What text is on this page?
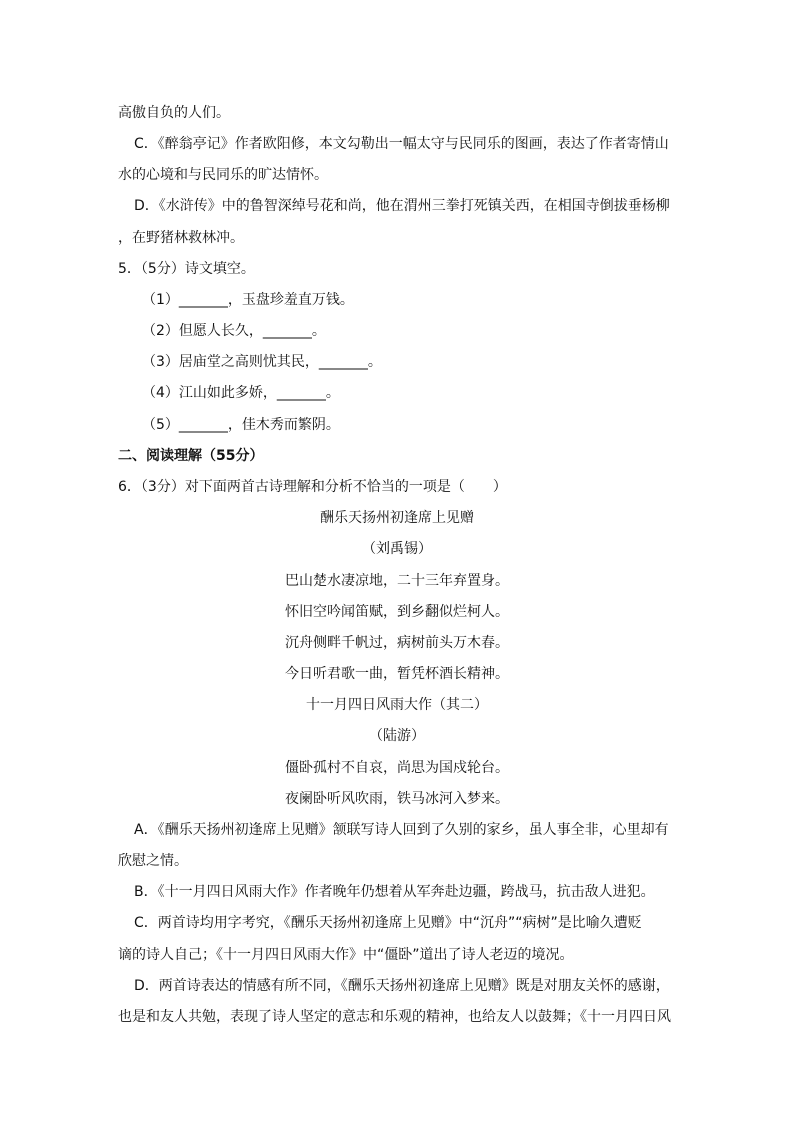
高傲自负的人们。
C．《醉翁亭记》作者欧阳修，本文勾勒出一幅太守与民同乐的图画，表达了作者寄情山
水的心境和与民同乐的旷达情怀。
D．《水浒传》中的鲁智深绰号花和尚，他在渭州三拳打死镇关西，在相国寺倒拔垂杨柳
，在野猪林救林冲。
5．（5分）诗文填空。
（1）_______，玉盘珍羞直万钱。
（2）但愿人长久，_______。
（3）居庙堂之高则忧其民，_______。
（4）江山如此多娇，_______。
（5）_______，佳木秀而繁阴。
二、阅读理解（55分）
6．（3分）对下面两首古诗理解和分析不恰当的一项是（　　）
酬乐天扬州初逢席上见赠
（刘禹锡）
巴山楚水凄凉地，二十三年弃置身。
怀旧空吟闻笛赋，到乡翻似烂柯人。
沉舟侧畔千帆过，病树前头万木春。
今日听君歌一曲，暂凭杯酒长精神。
十一月四日风雨大作（其二）
（陆游）
僵卧孤村不自哀，尚思为国戍轮台。
夜阑卧听风吹雨，铁马冰河入梦来。
A．《酬乐天扬州初逢席上见赠》颔联写诗人回到了久别的家乡，虽人事全非，心里却有
欣慰之情。
B．《十一月四日风雨大作》作者晚年仍想着从军奔赴边疆，跨战马，抗击敌人进犯。
C．两首诗均用字考究，《酬乐天扬州初逢席上见赠》中“沉舟”“病树”是比喻久遭贬
谪的诗人自己；《十一月四日风雨大作》中“僵卧”道出了诗人老迈的境况。
D．两首诗表达的情感有所不同，《酬乐天扬州初逢席上见赠》既是对朋友关怀的感谢，
也是和友人共勉，表现了诗人坚定的意志和乐观的精神，也给友人以鼓舞；《十一月四日风
